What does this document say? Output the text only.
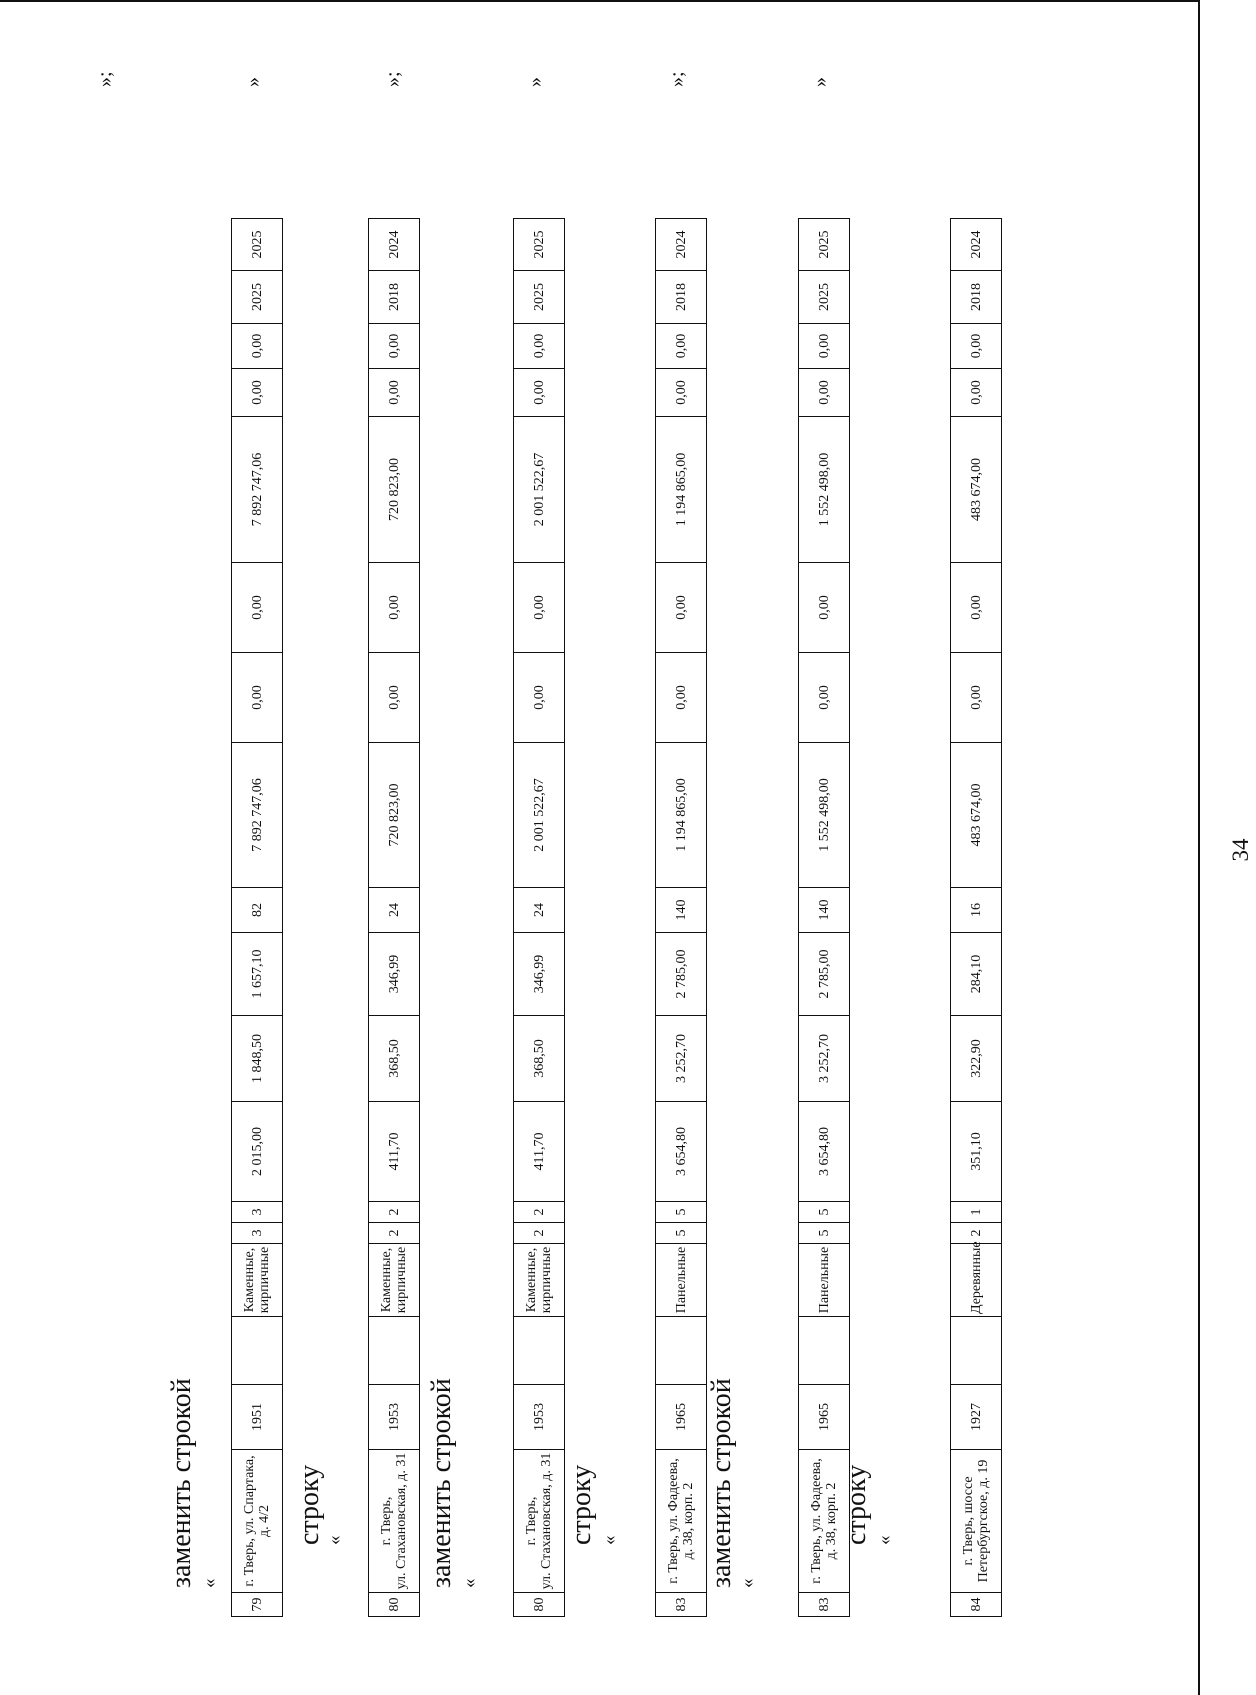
34
заменить строкой «
»;
79	г. Тверь, ул. Спартака,
д. 4/2	1951		Каменные,
кирпичные	3	3	2 015,00	1 848,50	1 657,10	82	7 892 747,06	0,00	0,00	7 892 747,06	0,00	0,00	2025	2025
строку «
»
80	г. Тверь,
ул. Стахановская, д. 31	1953		Каменные,
кирпичные	2	2	411,70	368,50	346,99	24	720 823,00	0,00	0,00	720 823,00	0,00	0,00	2018	2024
заменить строкой «
»;
80	г. Тверь,
ул. Стахановская, д. 31	1953		Каменные,
кирпичные	2	2	411,70	368,50	346,99	24	2 001 522,67	0,00	0,00	2 001 522,67	0,00	0,00	2025	2025
строку «
»
83	г. Тверь, ул. Фадеева,
д. 38, корп. 2	1965		Панельные	5	5	3 654,80	3 252,70	2 785,00	140	1 194 865,00	0,00	0,00	1 194 865,00	0,00	0,00	2018	2024
заменить строкой «
»;
83	г. Тверь, ул. Фадеева,
д. 38, корп. 2	1965		Панельные	5	5	3 654,80	3 252,70	2 785,00	140	1 552 498,00	0,00	0,00	1 552 498,00	0,00	0,00	2025	2025
строку «
»
84	г. Тверь, шоссе
Петербургское, д. 19	1927		Деревянные	2	1	351,10	322,90	284,10	16	483 674,00	0,00	0,00	483 674,00	0,00	0,00	2018	2024
